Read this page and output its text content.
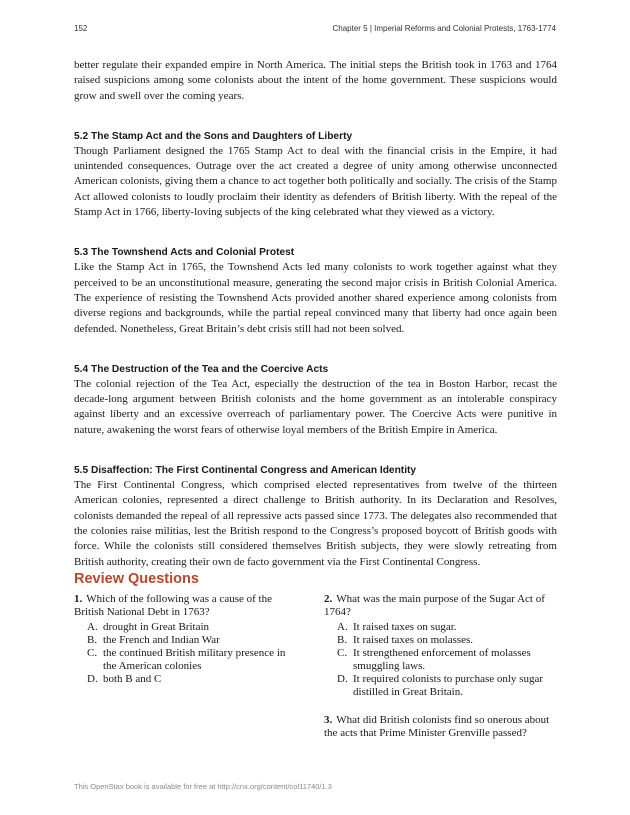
152	Chapter 5 | Imperial Reforms and Colonial Protests, 1763-1774

better regulate their expanded empire in North America. The initial steps the British took in 1763 and 1764 raised suspicions among some colonists about the intent of the home government. These suspicions would grow and swell over the coming years.

5.2 The Stamp Act and the Sons and Daughters of Liberty

Though Parliament designed the 1765 Stamp Act to deal with the financial crisis in the Empire, it had unintended consequences. Outrage over the act created a degree of unity among otherwise unconnected American colonists, giving them a chance to act together both politically and socially. The crisis of the Stamp Act allowed colonists to loudly proclaim their identity as defenders of British liberty. With the repeal of the Stamp Act in 1766, liberty-loving subjects of the king celebrated what they viewed as a victory.

5.3 The Townshend Acts and Colonial Protest

Like the Stamp Act in 1765, the Townshend Acts led many colonists to work together against what they perceived to be an unconstitutional measure, generating the second major crisis in British Colonial America. The experience of resisting the Townshend Acts provided another shared experience among colonists from diverse regions and backgrounds, while the partial repeal convinced many that liberty had once again been defended. Nonetheless, Great Britain’s debt crisis still had not been solved.

5.4 The Destruction of the Tea and the Coercive Acts

The colonial rejection of the Tea Act, especially the destruction of the tea in Boston Harbor, recast the decade-long argument between British colonists and the home government as an intolerable conspiracy against liberty and an excessive overreach of parliamentary power. The Coercive Acts were punitive in nature, awakening the worst fears of otherwise loyal members of the British Empire in America.

5.5 Disaffection: The First Continental Congress and American Identity

The First Continental Congress, which comprised elected representatives from twelve of the thirteen American colonies, represented a direct challenge to British authority. In its Declaration and Resolves, colonists demanded the repeal of all repressive acts passed since 1773. The delegates also recommended that the colonies raise militias, lest the British respond to the Congress’s proposed boycott of British goods with force. While the colonists still considered themselves British subjects, they were slowly retreating from British authority, creating their own de facto government via the First Continental Congress.

Review Questions
1. Which of the following was a cause of the British National Debt in 1763?
A. drought in Great Britain
B. the French and Indian War
C. the continued British military presence in the American colonies
D. both B and C
2. What was the main purpose of the Sugar Act of 1764?
A. It raised taxes on sugar.
B. It raised taxes on molasses.
C. It strengthened enforcement of molasses smuggling laws.
D. It required colonists to purchase only sugar distilled in Great Britain.
3. What did British colonists find so onerous about the acts that Prime Minister Grenville passed?
This OpenStax book is available for free at http://cnx.org/content/col11740/1.3
